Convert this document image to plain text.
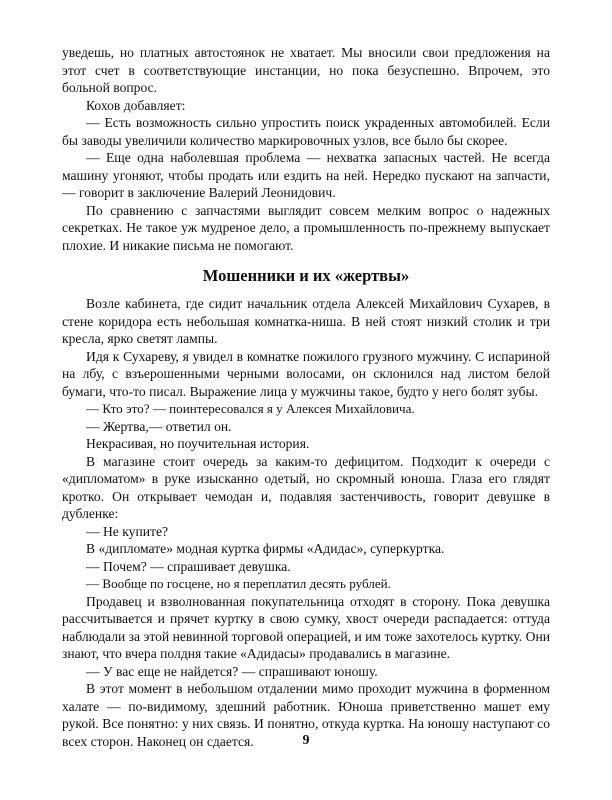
уведешь, но платных автостоянок не хватает. Мы вносили свои предложения на этот счет в соответствующие инстанции, но пока безуспешно. Впрочем, это больной вопрос.

Кохов добавляет:

— Есть возможность сильно упростить поиск украденных автомобилей. Если бы заводы увеличили количество маркировочных узлов, все было бы скорее.

— Еще одна наболевшая проблема — нехватка запасных частей. Не всегда машину угоняют, чтобы продать или ездить на ней. Нередко пускают на запчасти,— говорит в заключение Валерий Леонидович.

По сравнению с запчастями выглядит совсем мелким вопрос о надежных секретках. Не такое уж мудреное дело, а промышленность по-прежнему выпускает плохие. И никакие письма не помогают.

Мошенники и их «жертвы»

Возле кабинета, где сидит начальник отдела Алексей Михайлович Сухарев, в стене коридора есть небольшая комнатка-ниша. В ней стоят низкий столик и три кресла, ярко светят лампы.

Идя к Сухареву, я увидел в комнатке пожилого грузного мужчину. С испариной на лбу, с взъерошенными черными волосами, он склонился над листом белой бумаги, что-то писал. Выражение лица у мужчины такое, будто у него болят зубы.

— Кто это? — поинтересовался я у Алексея Михайловича.

— Жертва,— ответил он.

Некрасивая, но поучительная история.

В магазине стоит очередь за каким-то дефицитом. Подходит к очереди с «дипломатом» в руке изысканно одетый, но скромный юноша. Глаза его глядят кротко. Он открывает чемодан и, подавляя застенчивость, говорит девушке в дубленке:

— Не купите?

В «дипломате» модная куртка фирмы «Адидас», суперкуртка.

— Почем? — спрашивает девушка.

— Вообще по госцене, но я переплатил десять рублей.

Продавец и взволнованная покупательница отходят в сторону. Пока девушка рассчитывается и прячет куртку в свою сумку, хвост очереди распадается: оттуда наблюдали за этой невинной торговой операцией, и им тоже захотелось куртку. Они знают, что вчера полдня такие «Адидасы» продавались в магазине.

— У вас еще не найдется? — спрашивают юношу.

В этот момент в небольшом отдалении мимо проходит мужчина в форменном халате — по-видимому, здешний работник. Юноша приветственно машет ему рукой. Все понятно: у них связь. И понятно, откуда куртка. На юношу наступают со всех сторон. Наконец он сдается.	9
